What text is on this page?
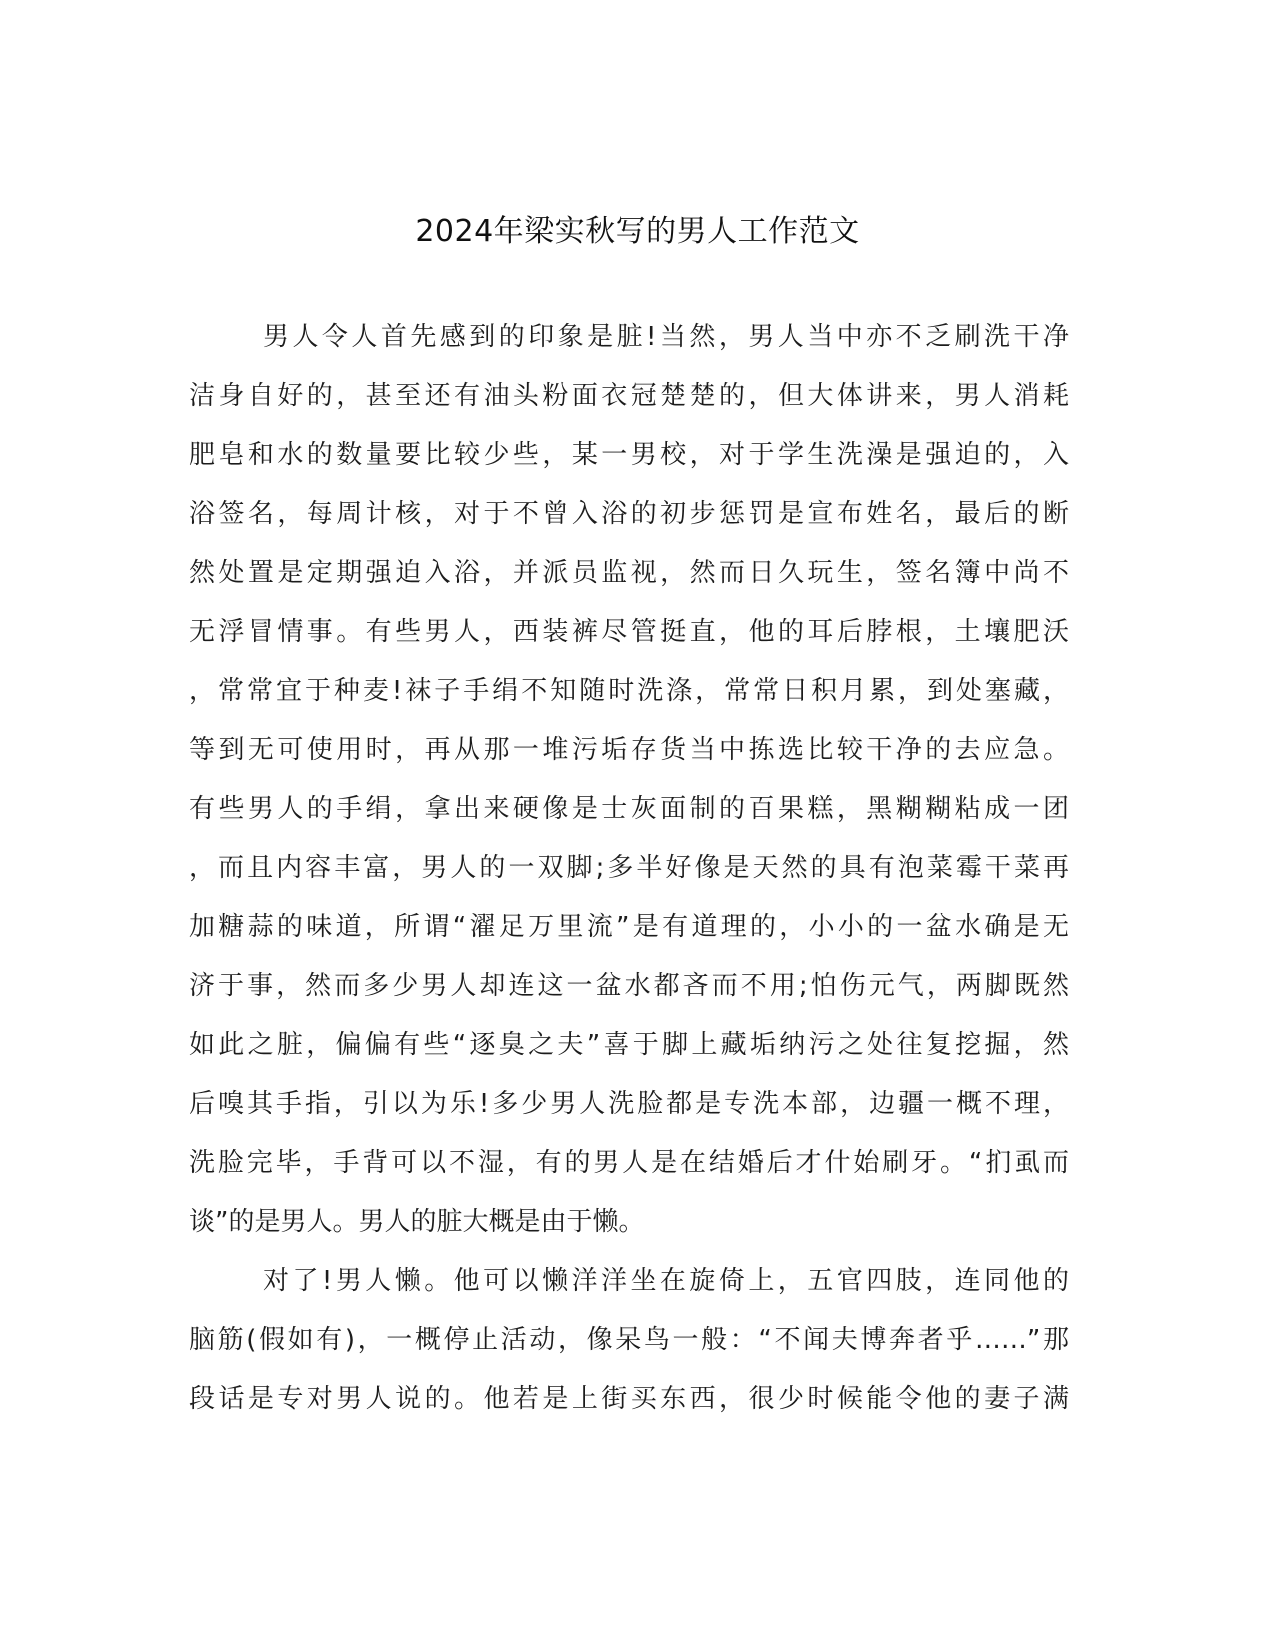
2024年梁实秋写的男人工作范文
男人令人首先感到的印象是脏!当然，男人当中亦不乏刷洗干净
洁身自好的，甚至还有油头粉面衣冠楚楚的，但大体讲来，男人消耗
肥皂和水的数量要比较少些，某一男校，对于学生洗澡是强迫的，入
浴签名，每周计核，对于不曾入浴的初步惩罚是宣布姓名，最后的断
然处置是定期强迫入浴，并派员监视，然而日久玩生，签名簿中尚不
无浮冒情事。有些男人，西装裤尽管挺直，他的耳后脖根，土壤肥沃
，常常宜于种麦!袜子手绢不知随时洗涤，常常日积月累，到处塞藏，
等到无可使用时，再从那一堆污垢存货当中拣选比较干净的去应急。
有些男人的手绢，拿出来硬像是士灰面制的百果糕，黑糊糊粘成一团
，而且内容丰富，男人的一双脚;多半好像是天然的具有泡菜霉干菜再
加糖蒜的味道，所谓“濯足万里流”是有道理的，小小的一盆水确是无
济于事，然而多少男人却连这一盆水都吝而不用;怕伤元气，两脚既然
如此之脏，偏偏有些“逐臭之夫”喜于脚上藏垢纳污之处往复挖掘，然
后嗅其手指，引以为乐!多少男人洗脸都是专洗本部，边疆一概不理，
洗脸完毕，手背可以不湿，有的男人是在结婚后才什始刷牙。“扪虱而
谈”的是男人。男人的脏大概是由于懒。
对了!男人懒。他可以懒洋洋坐在旋倚上，五官四肢，连同他的
脑筋(假如有)，一概停止活动，像呆鸟一般：“不闻夫博奔者乎……”那
段话是专对男人说的。他若是上街买东西，很少时候能令他的妻子满
